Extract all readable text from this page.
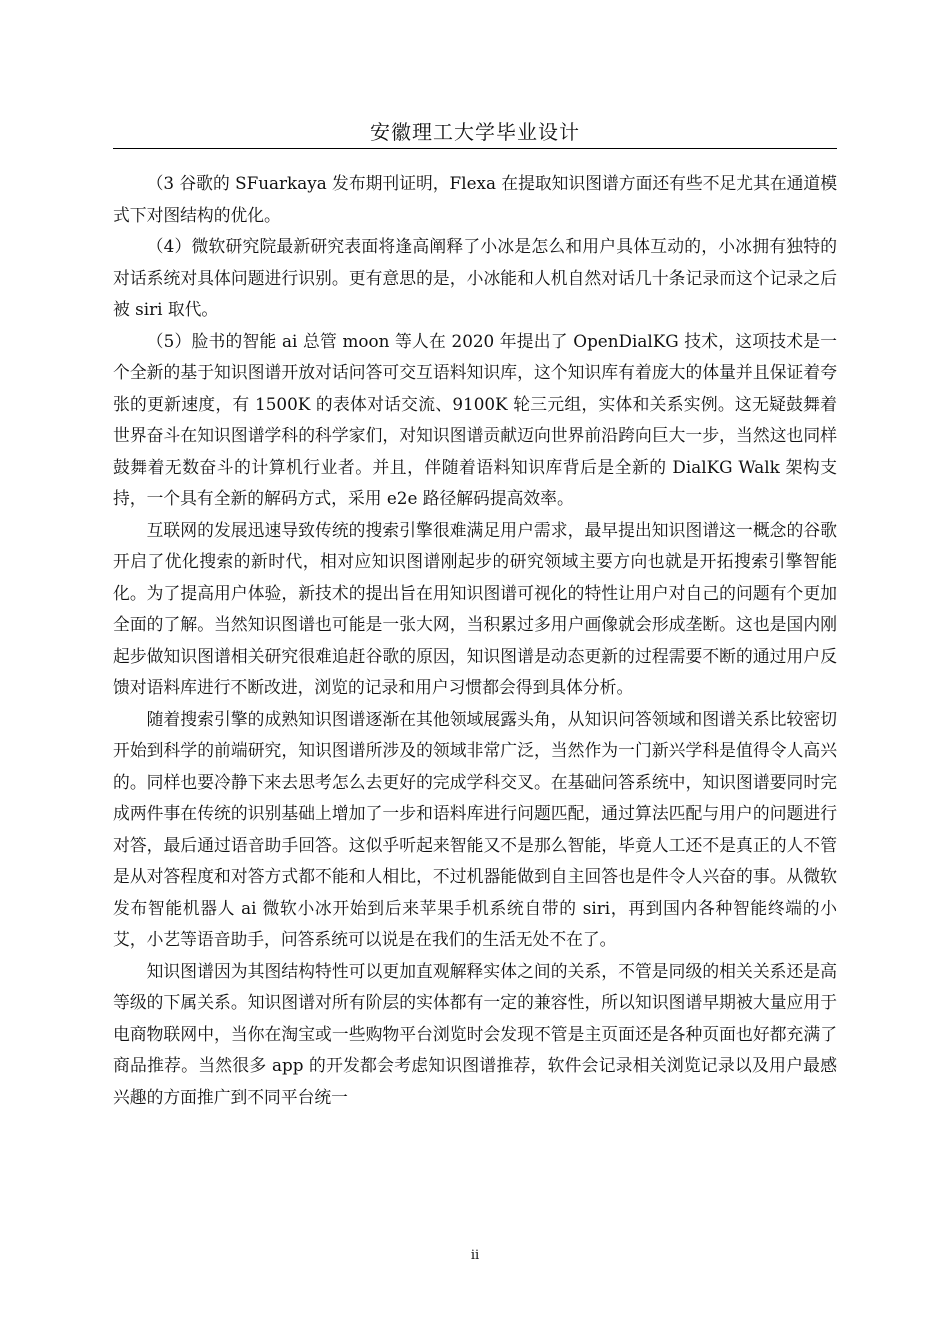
安徽理工大学毕业设计

（3 谷歌的 SFuarkaya 发布期刊证明，Flexa 在提取知识图谱方面还有些不足尤其在通道模式下对图结构的优化。

（4）微软研究院最新研究表面将逢高阐释了小冰是怎么和用户具体互动的，小冰拥有独特的对话系统对具体问题进行识别。更有意思的是，小冰能和人机自然对话几十条记录而这个记录之后被 siri 取代。

（5）脸书的智能 ai 总管 moon 等人在 2020 年提出了 OpenDialKG 技术，这项技术是一个全新的基于知识图谱开放对话问答可交互语料知识库，这个知识库有着庞大的体量并且保证着夸张的更新速度，有 1500K 的表体对话交流、9100K 轮三元组，实体和关系实例。这无疑鼓舞着世界奋斗在知识图谱学科的科学家们，对知识图谱贡献迈向世界前沿跨向巨大一步，当然这也同样鼓舞着无数奋斗的计算机行业者。并且，伴随着语料知识库背后是全新的 DialKG Walk 架构支持，一个具有全新的解码方式，采用 e2e 路径解码提高效率。

互联网的发展迅速导致传统的搜索引擎很难满足用户需求，最早提出知识图谱这一概念的谷歌开启了优化搜索的新时代，相对应知识图谱刚起步的研究领域主要方向也就是开拓搜索引擎智能化。为了提高用户体验，新技术的提出旨在用知识图谱可视化的特性让用户对自己的问题有个更加全面的了解。当然知识图谱也可能是一张大网，当积累过多用户画像就会形成垄断。这也是国内刚起步做知识图谱相关研究很难追赶谷歌的原因，知识图谱是动态更新的过程需要不断的通过用户反馈对语料库进行不断改进，浏览的记录和用户习惯都会得到具体分析。

随着搜索引擎的成熟知识图谱逐渐在其他领域展露头角，从知识问答领域和图谱关系比较密切开始到科学的前端研究，知识图谱所涉及的领域非常广泛，当然作为一门新兴学科是值得令人高兴的。同样也要冷静下来去思考怎么去更好的完成学科交叉。在基础问答系统中，知识图谱要同时完成两件事在传统的识别基础上增加了一步和语料库进行问题匹配，通过算法匹配与用户的问题进行对答，最后通过语音助手回答。这似乎听起来智能又不是那么智能，毕竟人工还不是真正的人不管是从对答程度和对答方式都不能和人相比，不过机器能做到自主回答也是件令人兴奋的事。从微软发布智能机器人 ai 微软小冰开始到后来苹果手机系统自带的 siri，再到国内各种智能终端的小艾，小艺等语音助手，问答系统可以说是在我们的生活无处不在了。

知识图谱因为其图结构特性可以更加直观解释实体之间的关系，不管是同级的相关关系还是高等级的下属关系。知识图谱对所有阶层的实体都有一定的兼容性，所以知识图谱早期被大量应用于电商物联网中，当你在淘宝或一些购物平台浏览时会发现不管是主页面还是各种页面也好都充满了商品推荐。当然很多 app 的开发都会考虑知识图谱推荐，软件会记录相关浏览记录以及用户最感兴趣的方面推广到不同平台统一

ii
